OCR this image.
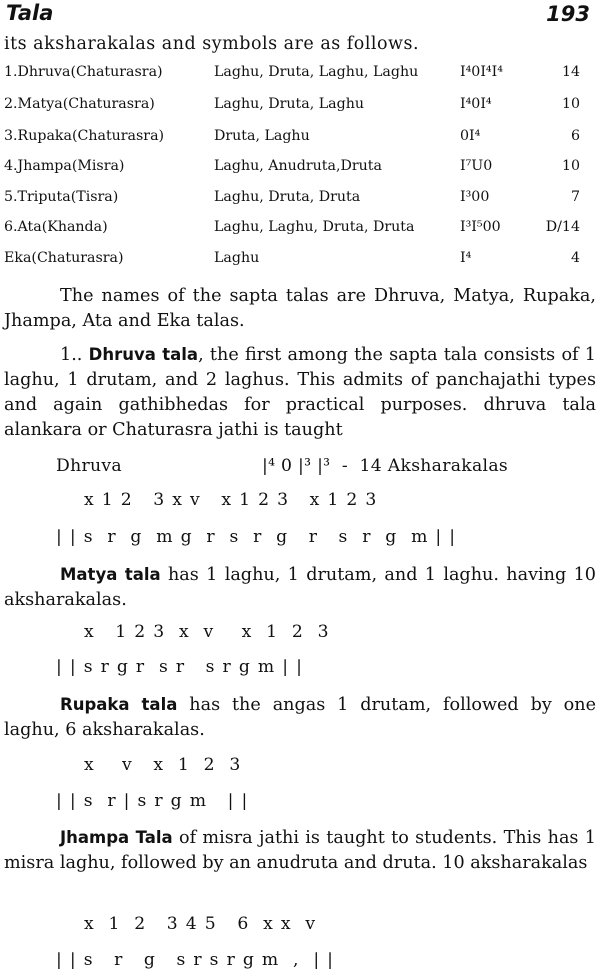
Tala	193
its aksharakalas and symbols are as follows.
1.Dhruva(Chaturasra)	Laghu, Druta, Laghu, Laghu	I⁴0I⁴I⁴	14
2.Matya(Chaturasra)	Laghu, Druta, Laghu	I⁴0I⁴	10
3.Rupaka(Chaturasra)	Druta, Laghu	0I⁴	6
4.Jhampa(Misra)	Laghu, Anudruta,Druta	I⁷U0	10
5.Triputa(Tisra)	Laghu, Druta, Druta	I³00	7
6.Ata(Khanda)	Laghu, Laghu, Druta, Druta	I³I⁵00	D/14
Eka(Chaturasra)	Laghu	I⁴	4

The names of the sapta talas are Dhruva, Matya, Rupaka, Jhampa, Ata and Eka talas.

1.. Dhruva tala, the first among the sapta tala consists of 1 laghu, 1 drutam, and 2 laghus. This admits of panchajathi types and again gathibhedas for practical purposes. dhruva tala alankara or Chaturasra jathi is taught

Dhruva	|⁴ 0 |³ |³  -  14 Aksharakalas
x 1 2   3 x v   x 1 2 3   x 1 2 3
| | s  r  g  m g  r  s  r  g   r   s  r  g  m | |

Matya tala has 1 laghu, 1 drutam, and 1 laghu. having 10 aksharakalas.

x   1 2 3  x  v    x  1  2  3
| | s r g r  s r   s r g m | |

Rupaka tala has the angas 1 drutam, followed by one laghu, 6 aksharakalas.

x    v   x  1  2  3
| | s  r | s r g m   | |

Jhampa Tala of misra jathi is taught to students. This has 1 misra laghu, followed by an anudruta and druta. 10 aksharakalas

x  1  2   3 4 5   6  x x  v
| | s   r   g   s r s r g m  ,  | |
